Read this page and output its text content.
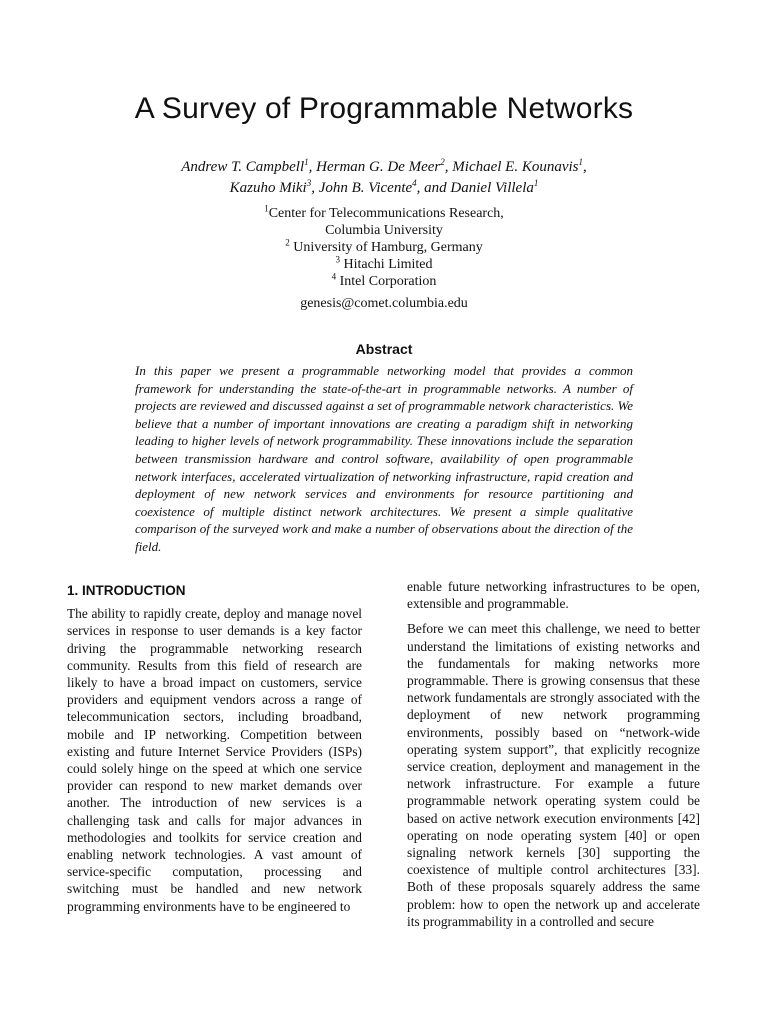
A Survey of Programmable Networks
Andrew T. Campbell$^1$, Herman G. De Meer$^2$, Michael E. Kounavis$^1$,
Kazuho Miki$^3$, John B. Vicente$^4$, and Daniel Villela$^1$
$^1$Center for Telecommunications Research,
Columbia University
$^2$ University of Hamburg, Germany
$^3$ Hitachi Limited
$^4$ Intel Corporation
genesis@comet.columbia.edu
Abstract
In this paper we present a programmable networking model that provides a common framework for understanding the state-of-the-art in programmable networks. A number of projects are reviewed and discussed against a set of programmable network characteristics. We believe that a number of important innovations are creating a paradigm shift in networking leading to higher levels of network programmability. These innovations include the separation between transmission hardware and control software, availability of open programmable network interfaces, accelerated virtualization of networking infrastructure, rapid creation and deployment of new network services and environments for resource partitioning and coexistence of multiple distinct network architectures. We present a simple qualitative comparison of the surveyed work and make a number of observations about the direction of the field.
1. INTRODUCTION

The ability to rapidly create, deploy and manage novel services in response to user demands is a key factor driving the programmable networking research community. Results from this field of research are likely to have a broad impact on customers, service providers and equipment vendors across a range of telecommunication sectors, including broadband, mobile and IP networking. Competition between existing and future Internet Service Providers (ISPs) could solely hinge on the speed at which one service provider can respond to new market demands over another. The introduction of new services is a challenging task and calls for major advances in methodologies and toolkits for service creation and enabling network technologies. A vast amount of service-specific computation, processing and switching must be handled and new network programming environments have to be engineered to

enable future networking infrastructures to be open, extensible and programmable.

Before we can meet this challenge, we need to better understand the limitations of existing networks and the fundamentals for making networks more programmable. There is growing consensus that these network fundamentals are strongly associated with the deployment of new network programming environments, possibly based on “network-wide operating system support”, that explicitly recognize service creation, deployment and management in the network infrastructure. For example a future programmable network operating system could be based on active network execution environments [42] operating on node operating system [40] or open signaling network kernels [30] supporting the coexistence of multiple control architectures [33]. Both of these proposals squarely address the same problem: how to open the network up and accelerate its programmability in a controlled and secure
